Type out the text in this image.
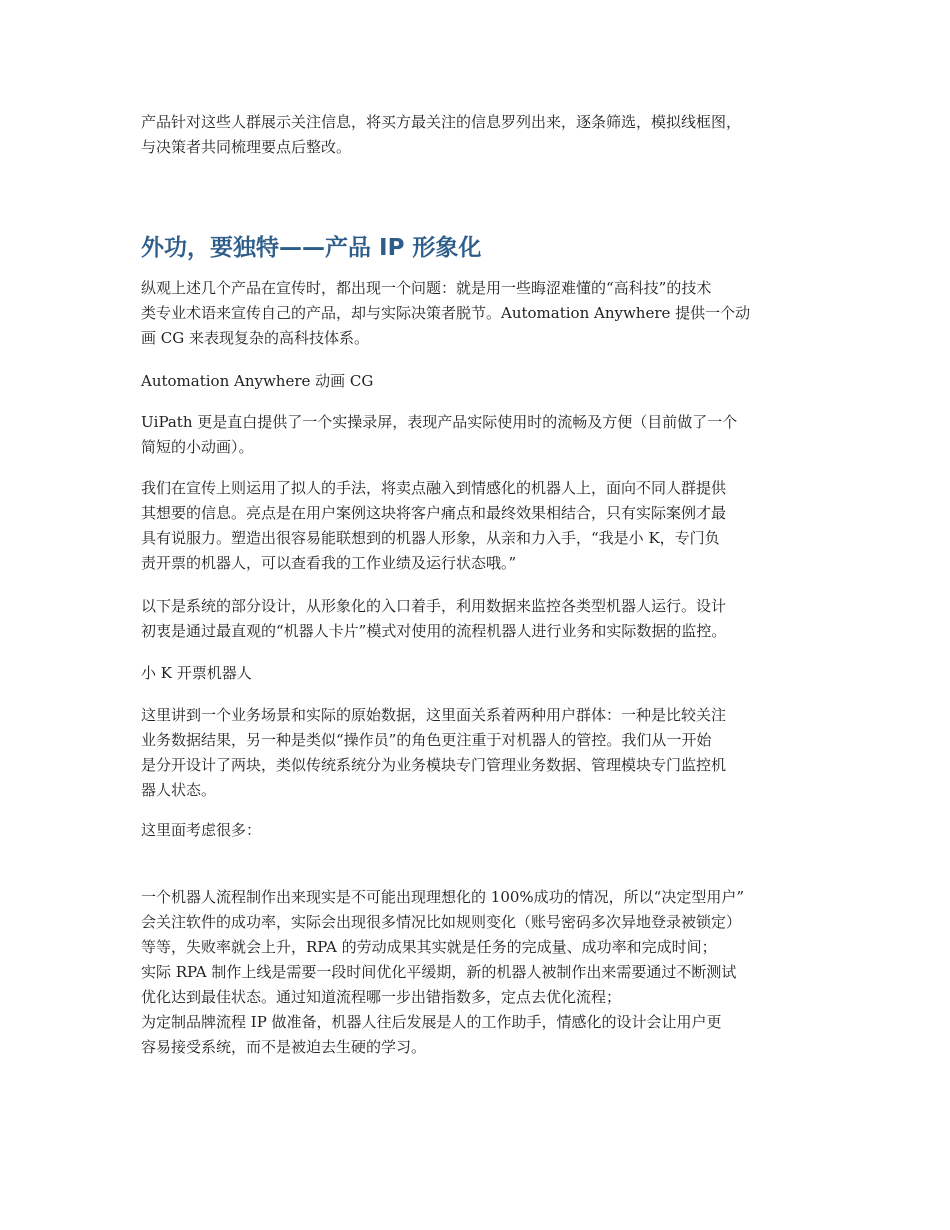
产品针对这些人群展示关注信息，将买方最关注的信息罗列出来，逐条筛选，模拟线框图，
与决策者共同梳理要点后整改。
外功，要独特——产品 IP 形象化
纵观上述几个产品在宣传时，都出现一个问题：就是用一些晦涩难懂的“高科技”的技术
类专业术语来宣传自己的产品，却与实际决策者脱节。Automation Anywhere 提供一个动
画 CG 来表现复杂的高科技体系。
Automation Anywhere 动画 CG
UiPath 更是直白提供了一个实操录屏，表现产品实际使用时的流畅及方便（目前做了一个
简短的小动画）。
我们在宣传上则运用了拟人的手法，将卖点融入到情感化的机器人上，面向不同人群提供
其想要的信息。亮点是在用户案例这块将客户痛点和最终效果相结合，只有实际案例才最
具有说服力。塑造出很容易能联想到的机器人形象，从亲和力入手，“我是小 K，专门负
责开票的机器人，可以查看我的工作业绩及运行状态哦。”
以下是系统的部分设计，从形象化的入口着手，利用数据来监控各类型机器人运行。设计
初衷是通过最直观的“机器人卡片”模式对使用的流程机器人进行业务和实际数据的监控。
小 K 开票机器人
这里讲到一个业务场景和实际的原始数据，这里面关系着两种用户群体：一种是比较关注
业务数据结果，另一种是类似“操作员”的角色更注重于对机器人的管控。我们从一开始
是分开设计了两块，类似传统系统分为业务模块专门管理业务数据、管理模块专门监控机
器人状态。
这里面考虑很多：
一个机器人流程制作出来现实是不可能出现理想化的 100%成功的情况，所以“决定型用户”
会关注软件的成功率，实际会出现很多情况比如规则变化（账号密码多次异地登录被锁定）
等等，失败率就会上升，RPA 的劳动成果其实就是任务的完成量、成功率和完成时间；
实际 RPA 制作上线是需要一段时间优化平缓期，新的机器人被制作出来需要通过不断测试
优化达到最佳状态。通过知道流程哪一步出错指数多，定点去优化流程；
为定制品牌流程 IP 做准备，机器人往后发展是人的工作助手，情感化的设计会让用户更
容易接受系统，而不是被迫去生硬的学习。
